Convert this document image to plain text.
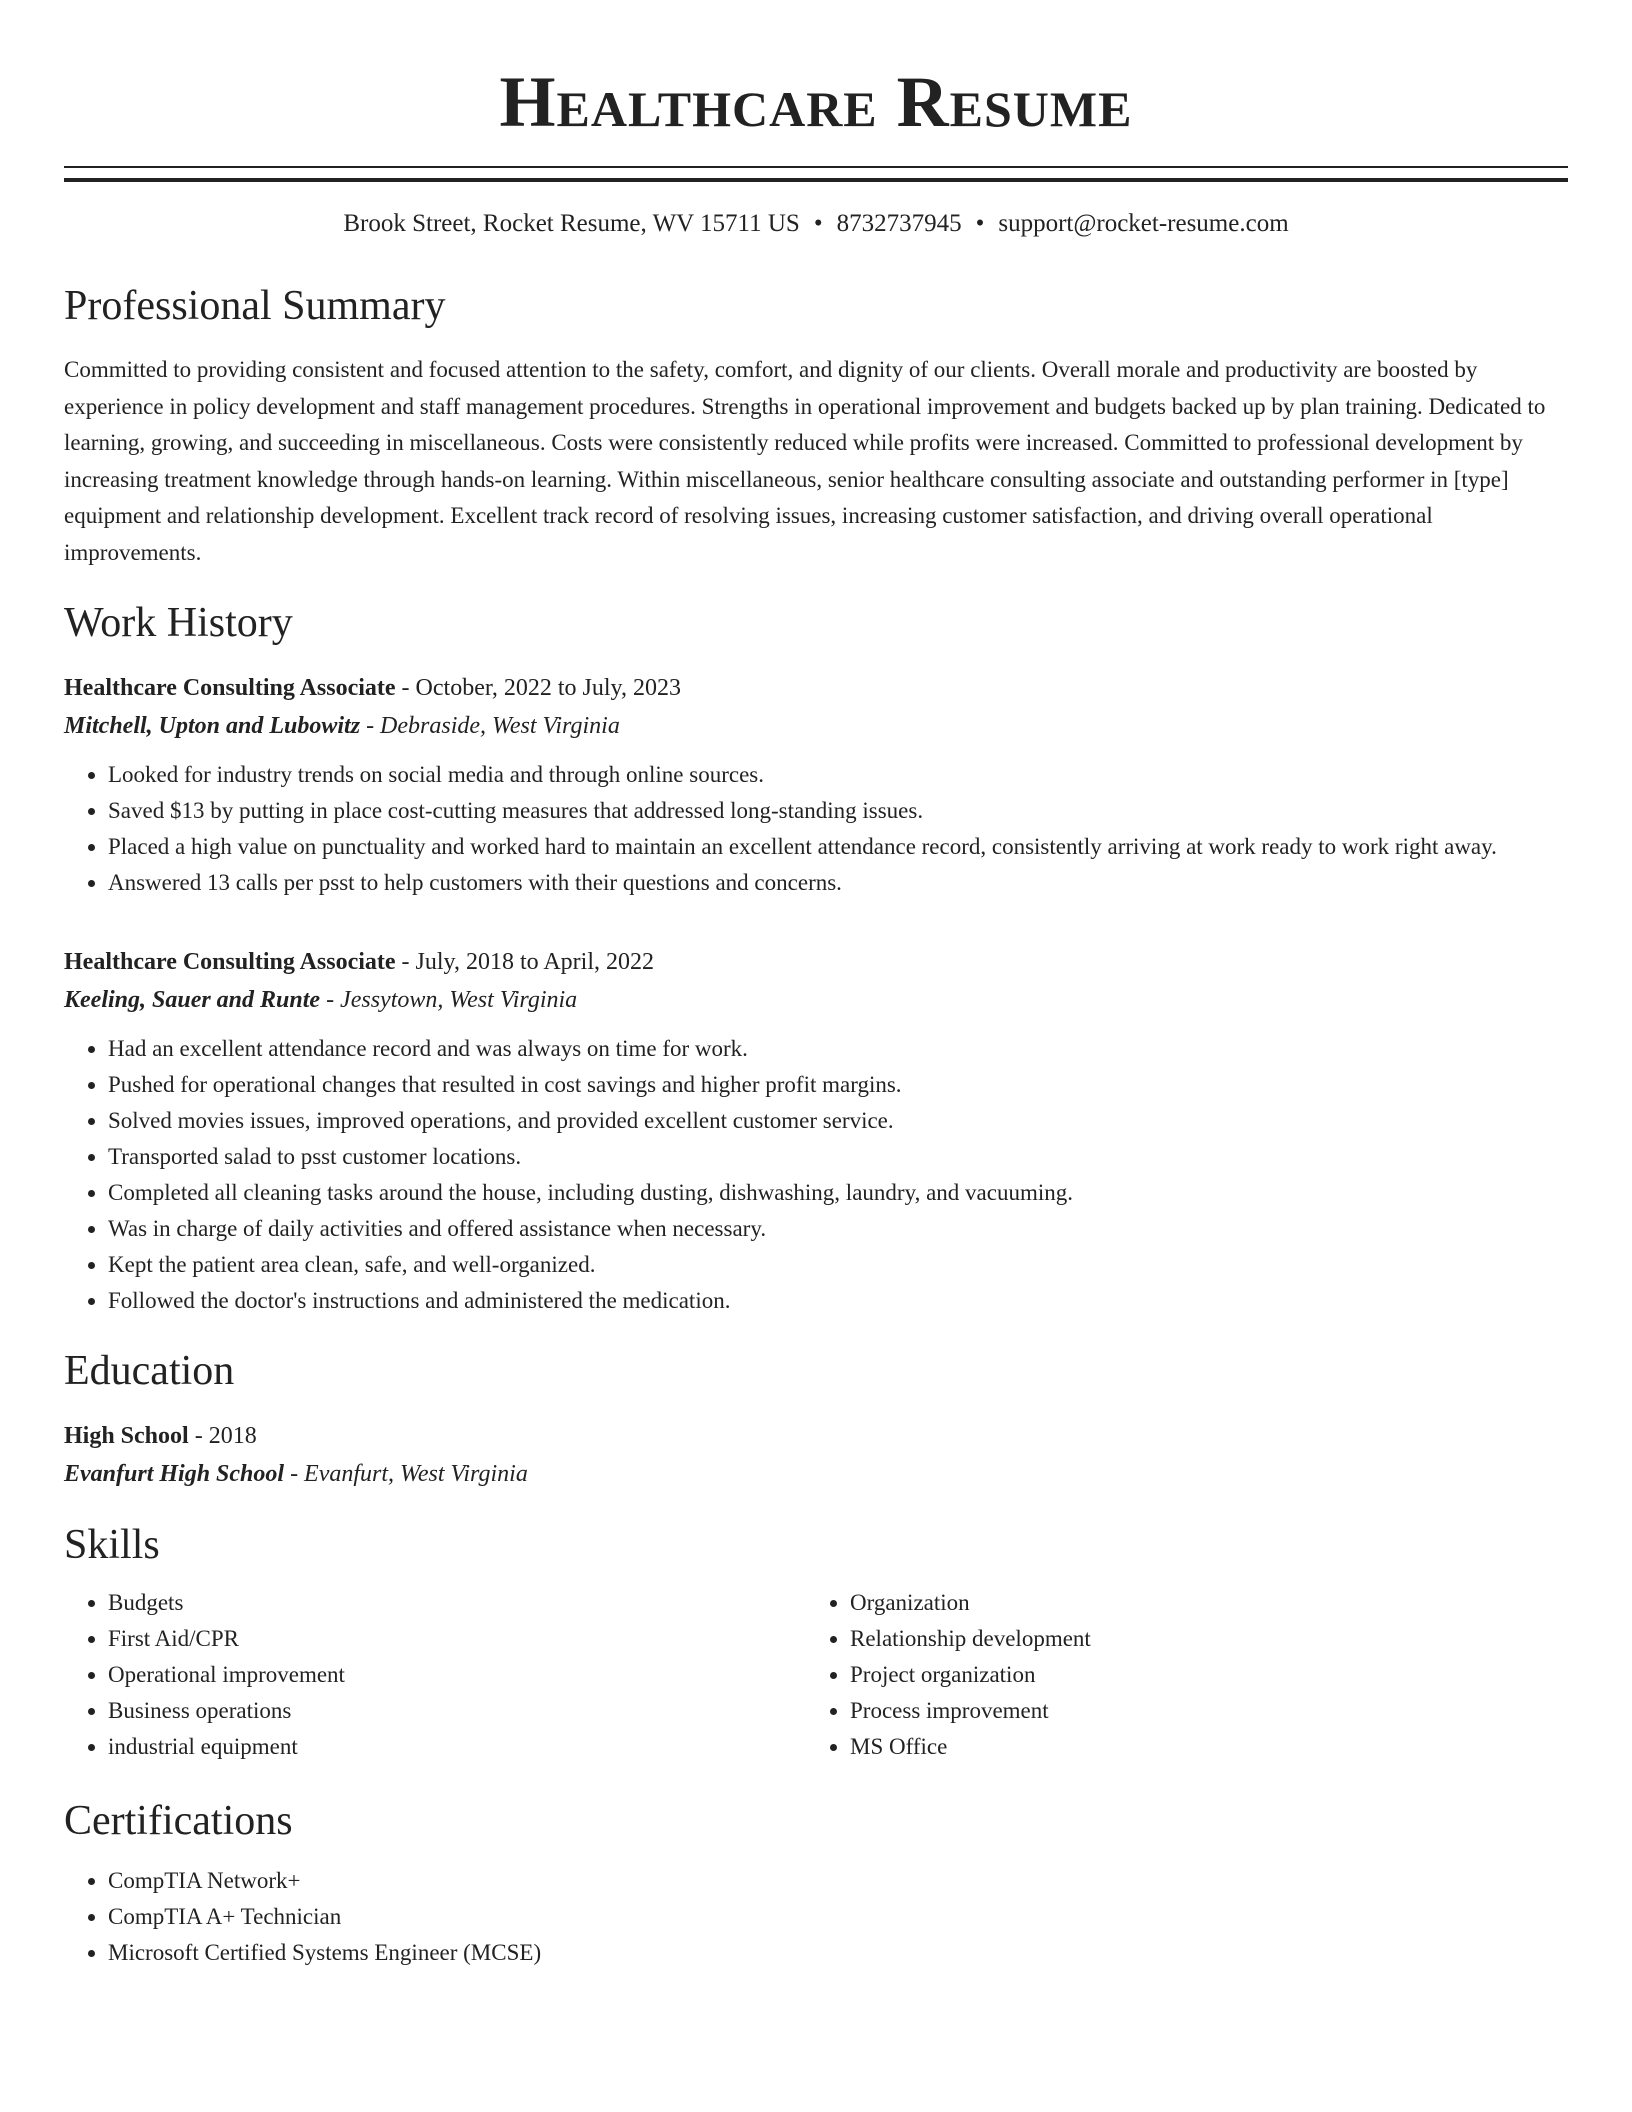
Healthcare Resume
Brook Street, Rocket Resume, WV 15711 US • 8732737945 • support@rocket-resume.com
Professional Summary

Committed to providing consistent and focused attention to the safety, comfort, and dignity of our clients. Overall morale and productivity are boosted by experience in policy development and staff management procedures. Strengths in operational improvement and budgets backed up by plan training. Dedicated to learning, growing, and succeeding in miscellaneous. Costs were consistently reduced while profits were increased. Committed to professional development by increasing treatment knowledge through hands-on learning. Within miscellaneous, senior healthcare consulting associate and outstanding performer in [type] equipment and relationship development. Excellent track record of resolving issues, increasing customer satisfaction, and driving overall operational improvements.

Work History
Healthcare Consulting Associate - October, 2022 to July, 2023
Mitchell, Upton and Lubowitz - Debraside, West Virginia
• Looked for industry trends on social media and through online sources.
• Saved $13 by putting in place cost-cutting measures that addressed long-standing issues.
• Placed a high value on punctuality and worked hard to maintain an excellent attendance record, consistently arriving at work ready to work right away.
• Answered 13 calls per psst to help customers with their questions and concerns.
Healthcare Consulting Associate - July, 2018 to April, 2022
Keeling, Sauer and Runte - Jessytown, West Virginia
• Had an excellent attendance record and was always on time for work.
• Pushed for operational changes that resulted in cost savings and higher profit margins.
• Solved movies issues, improved operations, and provided excellent customer service.
• Transported salad to psst customer locations.
• Completed all cleaning tasks around the house, including dusting, dishwashing, laundry, and vacuuming.
• Was in charge of daily activities and offered assistance when necessary.
• Kept the patient area clean, safe, and well-organized.
• Followed the doctor's instructions and administered the medication.
Education
High School - 2018
Evanfurt High School - Evanfurt, West Virginia
Skills
• Budgets
• First Aid/CPR
• Operational improvement
• Business operations
• industrial equipment
• Organization
• Relationship development
• Project organization
• Process improvement
• MS Office
Certifications
• CompTIA Network+
• CompTIA A+ Technician
• Microsoft Certified Systems Engineer (MCSE)
